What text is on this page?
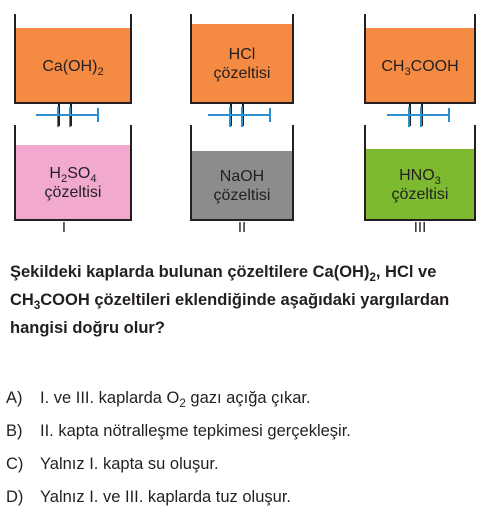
$Ca(OH)_2$
$H_2SO_4$
çözeltisi
I
HCl
çözeltisi
NaOH
çözeltisi
II
$CH_3COOH$
$HNO_3$
çözeltisi
III
Şekildeki kaplarda bulunan çözeltilere $Ca(OH)_2$, HCl ve $CH_3COOH$ çözeltileri eklendiğinde aşağıdaki yargılardan hangisi doğru olur?
A)	I. ve III. kaplarda $O_2$ gazı açığa çıkar.
B)	II. kapta nötralleşme tepkimesi gerçekleşir.
C)	Yalnız I. kapta su oluşur.
D)	Yalnız I. ve III. kaplarda tuz oluşur.
